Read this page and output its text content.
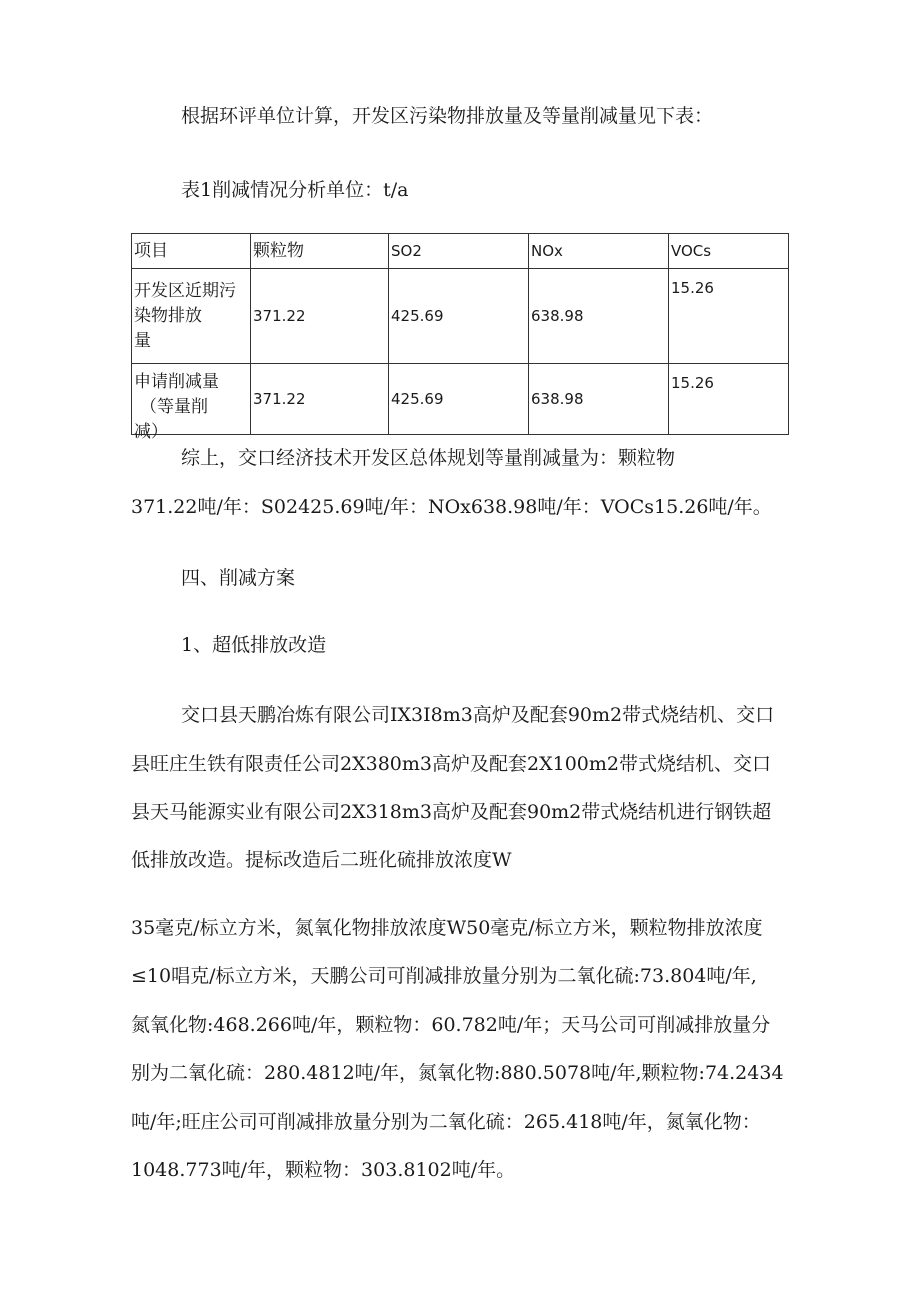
根据环评单位计算，开发区污染物排放量及等量削减量见下表：
表1削减情况分析单位：t/a
项目	颗粒物	SO2	NOx	VOCs

开发区近期污
染物排放
量	371.22	425.69	638.98	15.26

申请削减量
（等量削
减）	371.22	425.69	638.98	15.26
综上，交口经济技术开发区总体规划等量削减量为：颗粒物
371.22吨/年：S02425.69吨/年：NOx638.98吨/年：VOCs15.26吨/年。
四、削减方案
1、超低排放改造
交口县天鹏冶炼有限公司IX3I8m3高炉及配套90m2带式烧结机、交口
县旺庄生铁有限责任公司2X380m3高炉及配套2X100m2带式烧结机、交口
县天马能源实业有限公司2X318m3高炉及配套90m2带式烧结机进行钢铁超
低排放改造。提标改造后二班化硫排放浓度W
35毫克/标立方米，氮氧化物排放浓度W50毫克/标立方米，颗粒物排放浓度
≤10唱克/标立方米，天鹏公司可削减排放量分别为二氧化硫:73.804吨/年,
氮氧化物:468.266吨/年，颗粒物：60.782吨/年；天马公司可削减排放量分
别为二氧化硫：280.4812吨/年，氮氧化物:880.5078吨/年,颗粒物:74.2434
吨/年;旺庄公司可削减排放量分别为二氧化硫：265.418吨/年，氮氧化物：
1048.773吨/年，颗粒物：303.8102吨/年。
